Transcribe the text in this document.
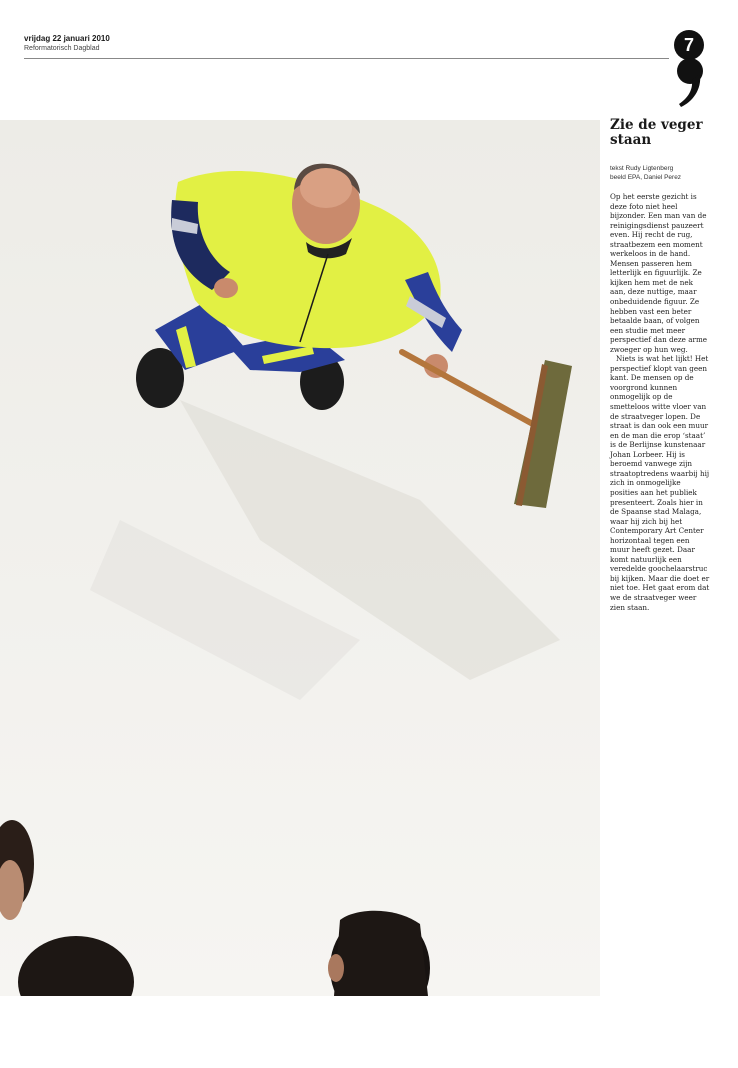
vrijdag 22 januari 2010
Reformatorisch Dagblad	7
Zie de veger staan
tekst Rudy Ligtenberg
beeld EPA, Daniel Perez

Op het eerste gezicht is deze foto niet heel bijzonder. Een man van de reinigingsdienst pauzeert even. Hij recht de rug, straatbezem een moment werkeloos in de hand. Mensen passeren hem letterlijk en figuurlijk. Ze kijken hem met de nek aan, deze nuttige, maar onbeduidende figuur. Ze hebben vast een beter betaalde baan, of volgen een studie met meer perspectief dan deze arme zwoeger op hun weg.

Niets is wat het lijkt! Het perspectief klopt van geen kant. De mensen op de voorgrond kunnen onmogelijk op de smetteloos witte vloer van de straatveger lopen. De straat is dan ook een muur en de man die erop ‘staat’ is de Berlijnse kunstenaar Johan Lorbeer. Hij is beroemd vanwege zijn straatoptredens waarbij hij zich in onmogelijke posities aan het publiek presenteert. Zoals hier in de Spaanse stad Malaga, waar hij zich bij het Contemporary Art Center horizontaal tegen een muur heeft gezet. Daar komt natuurlijk een veredelde goochelaarstruc bij kijken. Maar die doet er niet toe. Het gaat erom dat we de straatveger weer zien staan.
